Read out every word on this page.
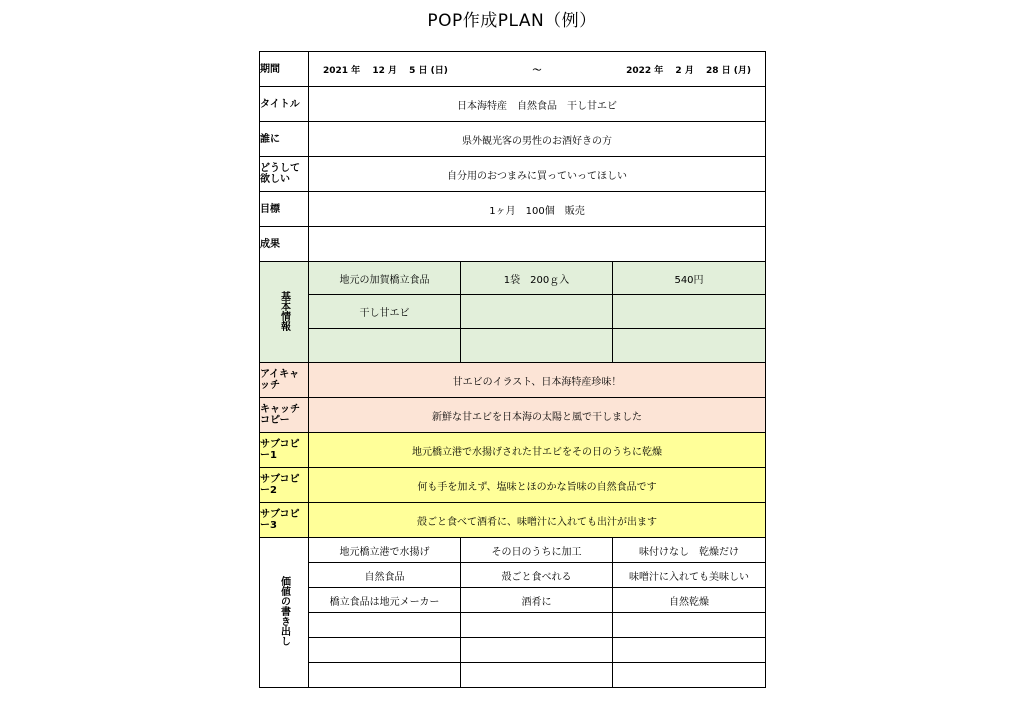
POP作成PLAN（例）
期間	2021 年　 12 月　 5 日 (日) ～ 2022 年　 2 月　 28 日 (月)		

タイトル	日本海特産　自然食品　干し甘エビ		
誰に	県外観光客の男性のお酒好きの方		
どうして欲しい	自分用のおつまみに買っていってほしい		
目標	1ヶ月　100個　販売		
成果			
基本情報	地元の加賀橋立食品	1袋　200ｇ入	540円
	干し甘エビ		

アイキャッチ	甘エビのイラスト、日本海特産珍味！		
キャッチコピー	新鮮な甘エビを日本海の太陽と風で干しました		
サブコピー1	地元橋立港で水揚げされた甘エビをその日のうちに乾燥		
サブコピー2	何も手を加えず、塩味とほのかな旨味の自然食品です		
サブコピー3	殻ごと食べて酒肴に、味噌汁に入れても出汁が出ます		
価値の書き出し	地元橋立港で水揚げ	その日のうちに加工	味付けなし　乾燥だけ
	自然食品	殻ごと食べれる	味噌汁に入れても美味しい
	橋立食品は地元メーカー	酒肴に	自然乾燥
